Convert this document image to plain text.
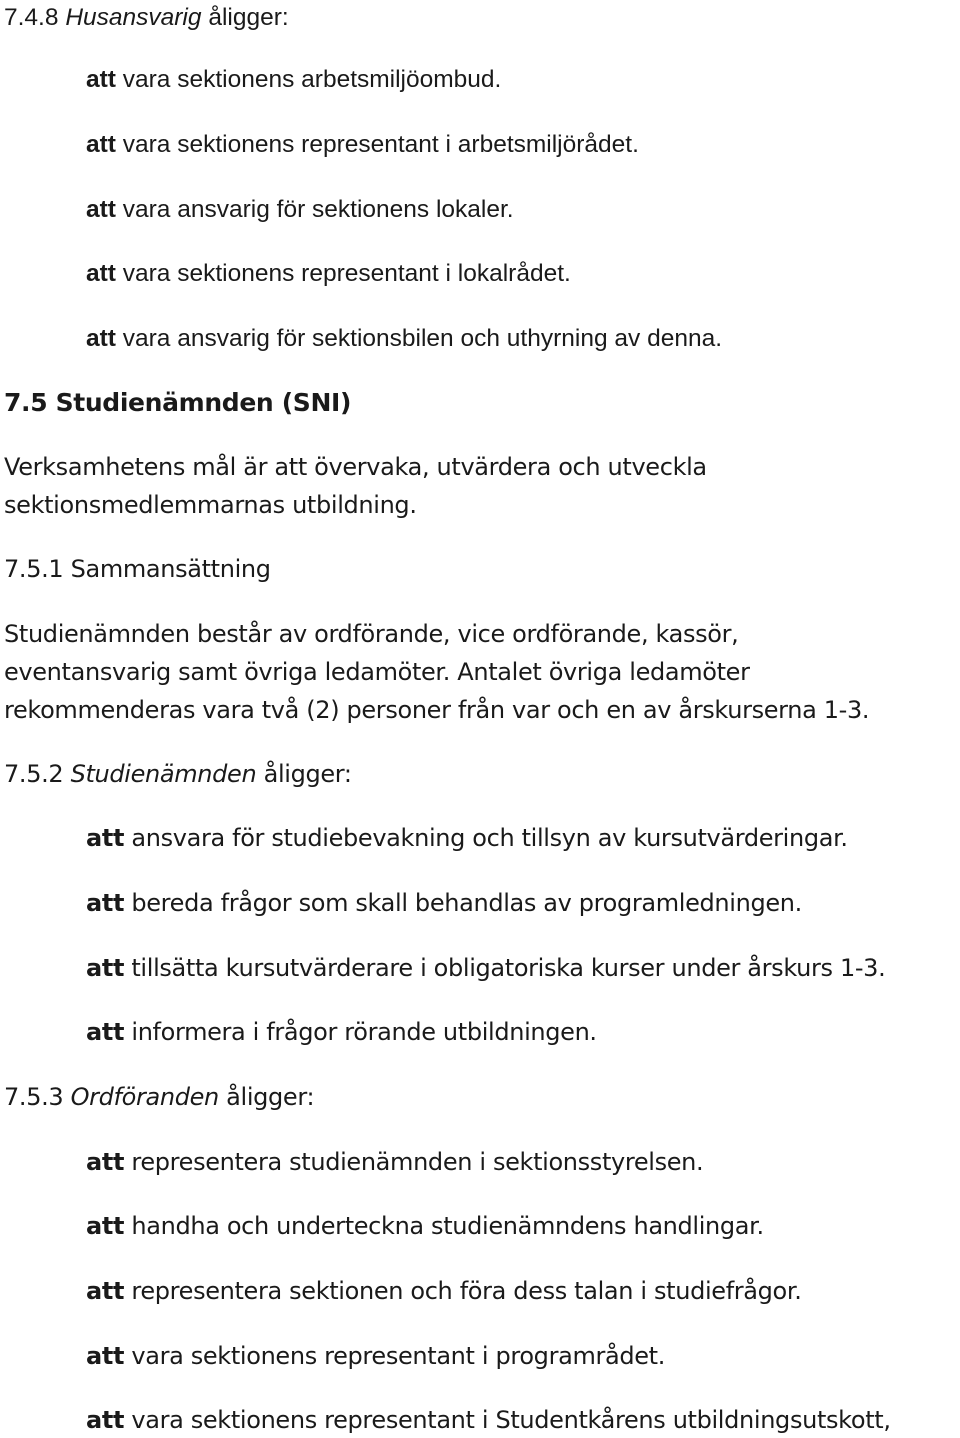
7.4.8 Husansvarig åligger:

att vara sektionens arbetsmiljöombud.

att vara sektionens representant i arbetsmiljörådet.

att vara ansvarig för sektionens lokaler.

att vara sektionens representant i lokalrådet.

att vara ansvarig för sektionsbilen och uthyrning av denna.

7.5 Studienämnden (SNI)

Verksamhetens mål är att övervaka, utvärdera och utveckla

sektionsmedlemmarnas utbildning.

7.5.1 Sammansättning

Studienämnden består av ordförande, vice ordförande, kassör,

eventansvarig samt övriga ledamöter. Antalet övriga ledamöter

rekommenderas vara två (2) personer från var och en av årskurserna 1-3.

7.5.2 Studienämnden åligger:

att ansvara för studiebevakning och tillsyn av kursutvärderingar.

att bereda frågor som skall behandlas av programledningen.

att tillsätta kursutvärderare i obligatoriska kurser under årskurs 1-3.

att informera i frågor rörande utbildningen.

7.5.3 Ordföranden åligger:

att representera studienämnden i sektionsstyrelsen.

att handha och underteckna studienämndens handlingar.

att representera sektionen och föra dess talan i studiefrågor.

att vara sektionens representant i programrådet.

att vara sektionens representant i Studentkårens utbildningsutskott,
